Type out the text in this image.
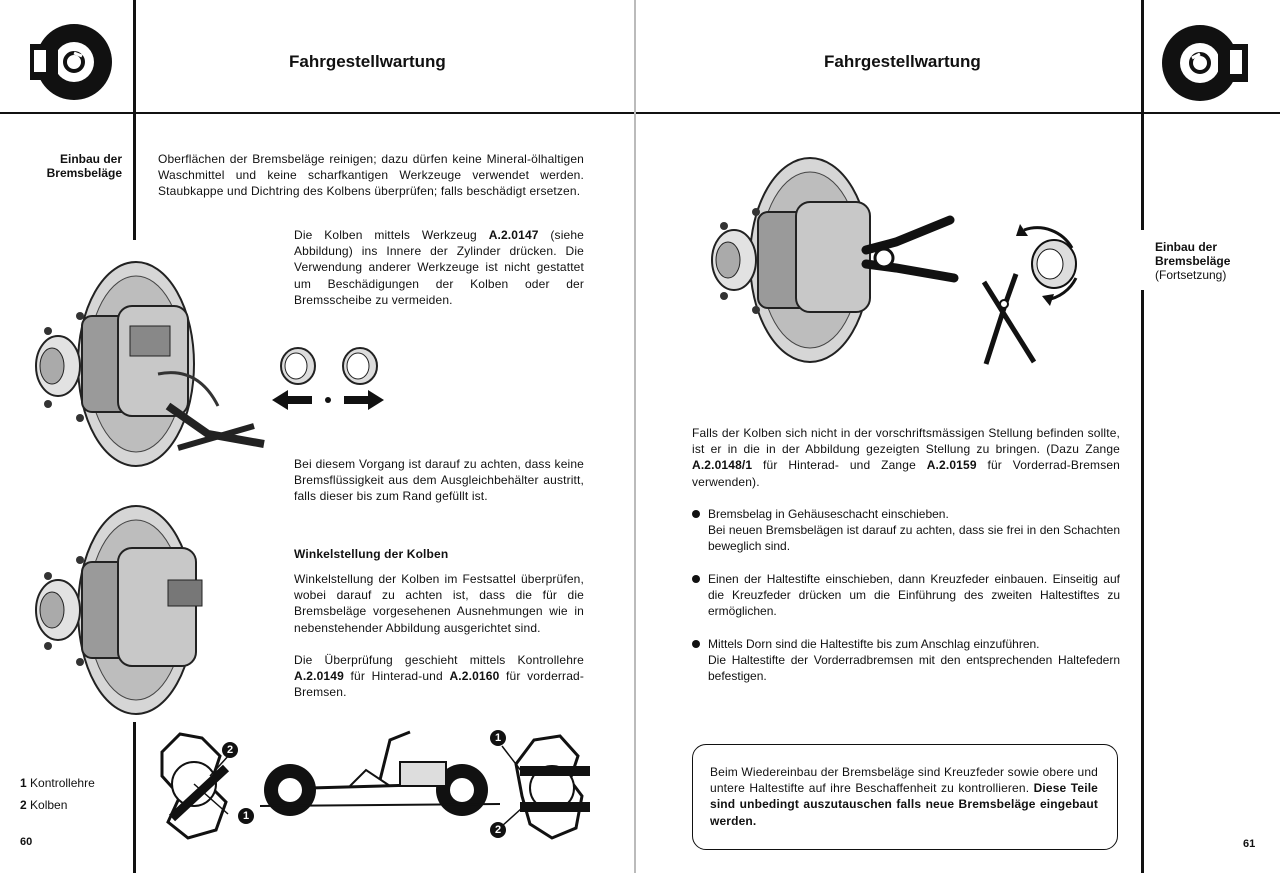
Fahrgestellwartung
Einbau der
Bremsbeläge
Oberflächen der Bremsbeläge reinigen; dazu dürfen keine Mineral-ölhaltigen Waschmittel und keine scharfkantigen Werkzeuge verwendet werden. Staubkappe und Dichtring des Kolbens überprüfen; falls beschädigt ersetzen.
Die Kolben mittels Werkzeug A.2.0147 (siehe Abbildung) ins Innere der Zylinder drücken. Die Verwendung anderer Werkzeuge ist nicht gestattet um Beschädigungen der Kolben oder der Bremsscheibe zu vermeiden.
Bei diesem Vorgang ist darauf zu achten, dass keine Bremsflüssigkeit aus dem Ausgleichbehälter austritt, falls dieser bis zum Rand gefüllt ist.
Winkelstellung der Kolben
Winkelstellung der Kolben im Festsattel überprüfen, wobei darauf zu achten ist, dass die für die Bremsbeläge vorgesehenen Ausnehmungen wie in nebenstehender Abbildung ausgerichtet sind.
Die Überprüfung geschieht mittels Kontrollehre A.2.0149 für Hinterad-und A.2.0160 für vorderrad-Bremsen.
2
1
1
2
1 Kontrollehre
2 Kolben
60
Fahrgestellwartung
Einbau der
Bremsbeläge
(Fortsetzung)
Falls der Kolben sich nicht in der vorschriftsmässigen Stellung befinden sollte, ist er in die in der Abbildung gezeigten Stellung zu bringen. (Dazu Zange A.2.0148/1 für Hinterad- und Zange A.2.0159 für Vorderrad-Bremsen verwenden).
Bremsbelag in Gehäuseschacht einschieben.
Bei neuen Bremsbelägen ist darauf zu achten, dass sie frei in den Schachten beweglich sind.
Einen der Haltestifte einschieben, dann Kreuzfeder einbauen. Einseitig auf die Kreuzfeder drücken um die Einführung des zweiten Haltestiftes zu ermöglichen.
Mittels Dorn sind die Haltestifte bis zum Anschlag einzuführen.
Die Haltestifte der Vorderradbremsen mit den entsprechenden Haltefedern befestigen.
Beim Wiedereinbau der Bremsbeläge sind Kreuzfeder sowie obere und untere Haltestifte auf ihre Beschaffenheit zu kontrollieren. Diese Teile sind unbedingt auszutauschen falls neue Bremsbeläge eingebaut werden.
61
